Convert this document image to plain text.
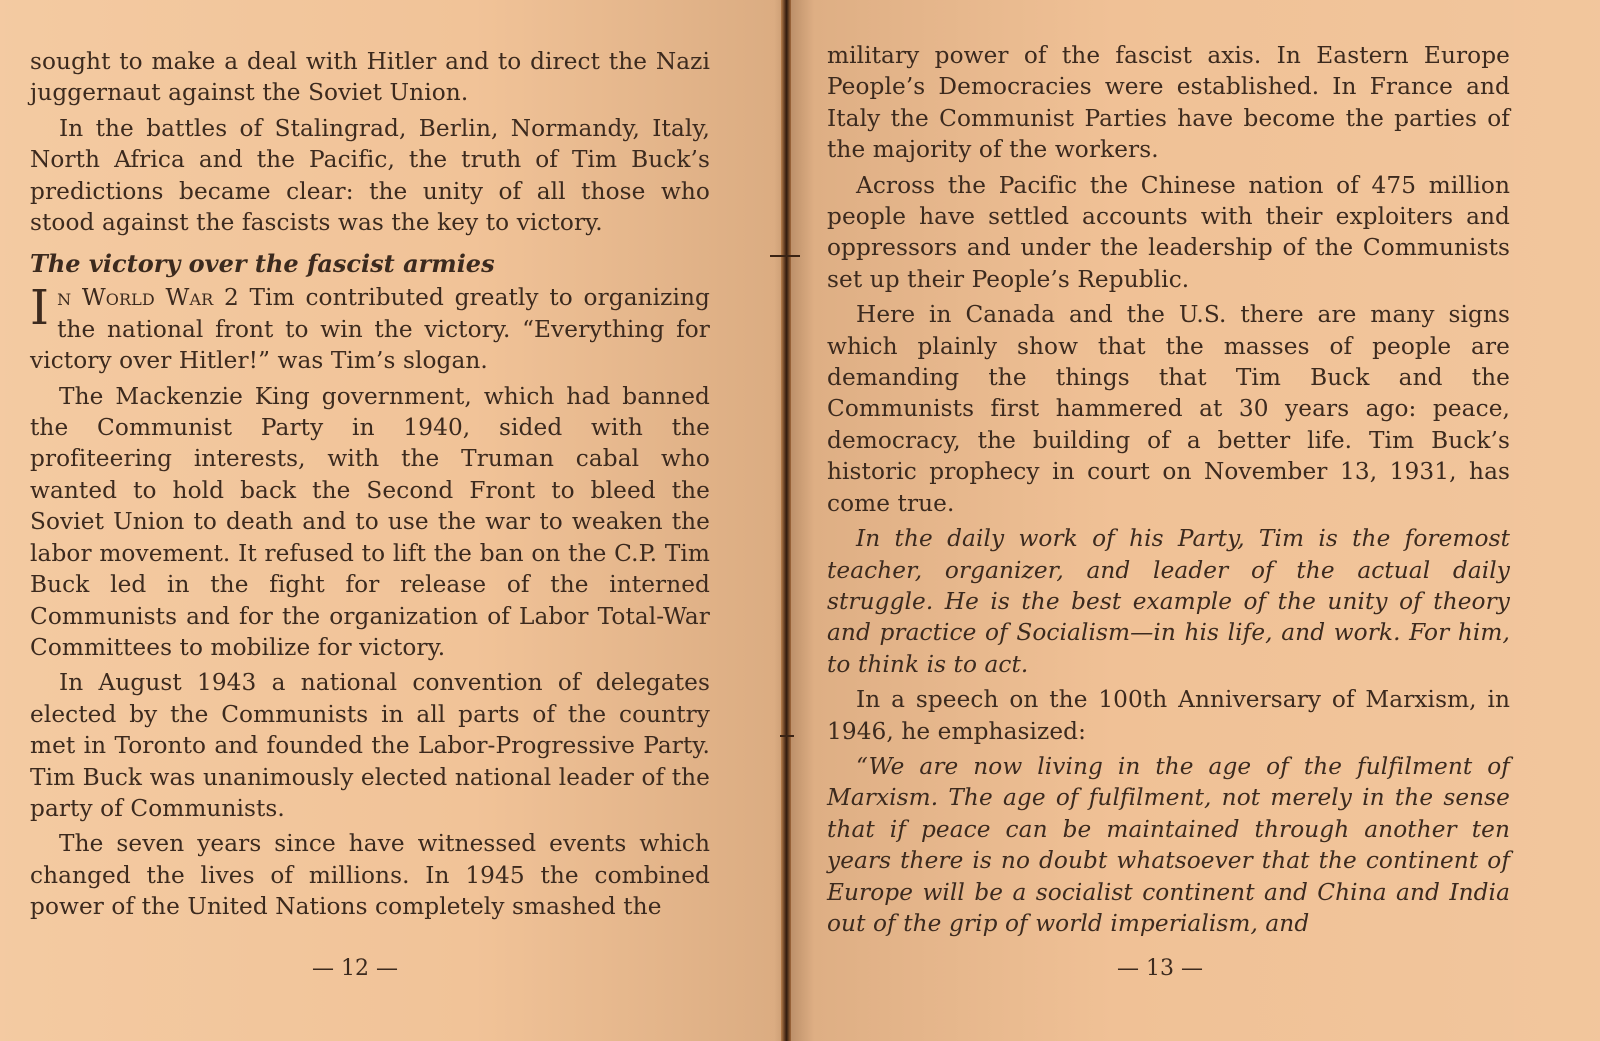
sought to make a deal with Hitler and to direct the Nazi juggernaut against the Soviet Union.

In the battles of Stalingrad, Berlin, Normandy, Italy, North Africa and the Pacific, the truth of Tim Buck’s predictions became clear: the unity of all those who stood against the fascists was the key to victory.

The victory over the fascist armies

In World War 2 Tim contributed greatly to organizing the national front to win the victory. “Everything for victory over Hitler!” was Tim’s slogan.

The Mackenzie King government, which had banned the Communist Party in 1940, sided with the profiteering interests, with the Truman cabal who wanted to hold back the Second Front to bleed the Soviet Union to death and to use the war to weaken the labor movement. It refused to lift the ban on the C.P. Tim Buck led in the fight for release of the interned Communists and for the organization of Labor Total-War Committees to mobilize for victory.

In August 1943 a national convention of delegates elected by the Communists in all parts of the country met in Toronto and founded the Labor-Progressive Party. Tim Buck was unanimously elected national leader of the party of Communists.

The seven years since have witnessed events which changed the lives of millions. In 1945 the combined power of the United Nations completely smashed the

— 12 —

military power of the fascist axis. In Eastern Europe People’s Democracies were established. In France and Italy the Communist Parties have become the parties of the majority of the workers.

Across the Pacific the Chinese nation of 475 million people have settled accounts with their exploiters and oppressors and under the leadership of the Communists set up their People’s Republic.

Here in Canada and the U.S. there are many signs which plainly show that the masses of people are demanding the things that Tim Buck and the Communists first hammered at 30 years ago: peace, democracy, the building of a better life. Tim Buck’s historic prophecy in court on November 13, 1931, has come true.

In the daily work of his Party, Tim is the foremost teacher, organizer, and leader of the actual daily struggle. He is the best example of the unity of theory and practice of Socialism—in his life, and work. For him, to think is to act.

In a speech on the 100th Anniversary of Marxism, in 1946, he emphasized:

“We are now living in the age of the fulfilment of Marxism. The age of fulfilment, not merely in the sense that if peace can be maintained through another ten years there is no doubt whatsoever that the continent of Europe will be a socialist continent and China and India out of the grip of world imperialism, and

— 13 —
